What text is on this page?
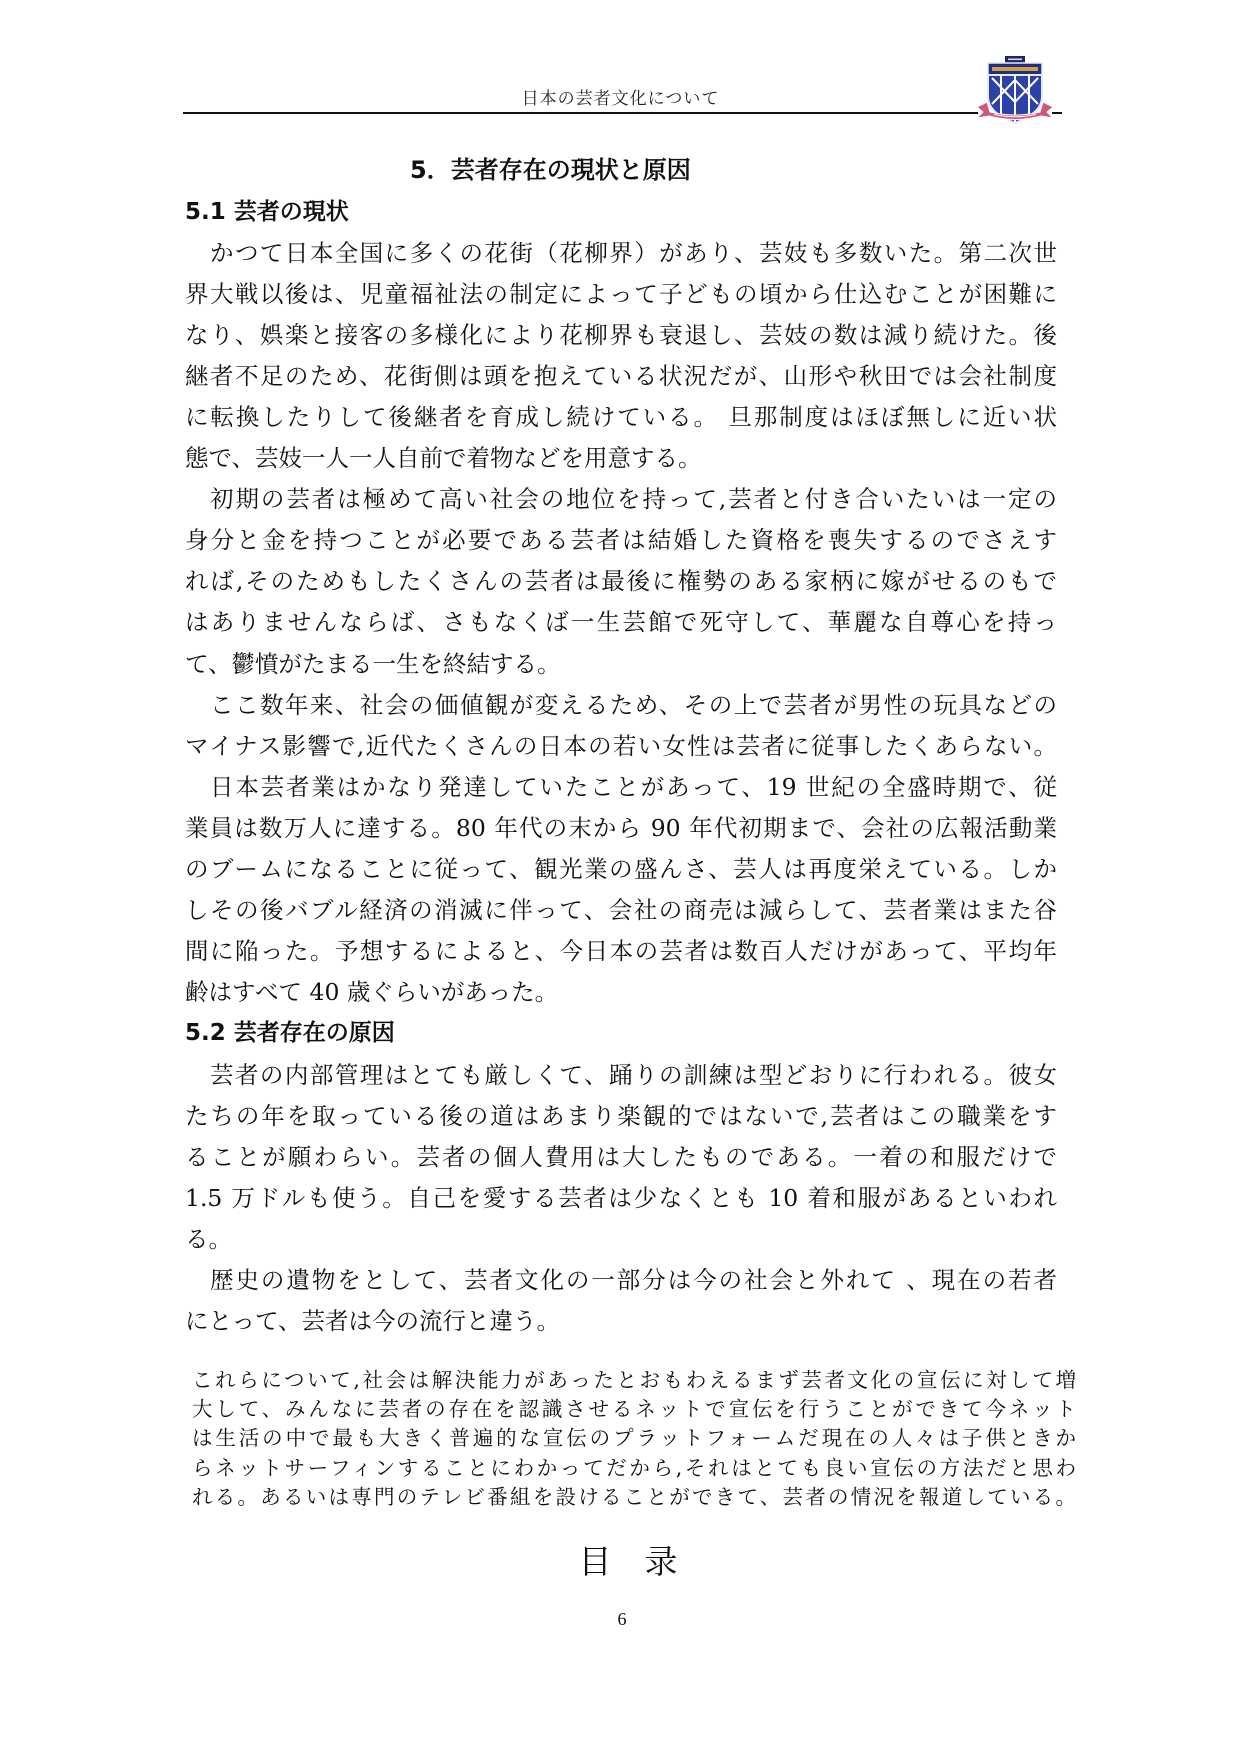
日本の芸者文化について
5．芸者存在の現状と原因
5.1 芸者の現状
かつて日本全国に多くの花街（花柳界）があり、芸妓も多数いた。第二次世
界大戦以後は、児童福祉法の制定によって子どもの頃から仕込むことが困難に
なり、娯楽と接客の多様化により花柳界も衰退し、芸妓の数は減り続けた。後
継者不足のため、花街側は頭を抱えている状況だが、山形や秋田では会社制度
に転換したりして後継者を育成し続けている。 旦那制度はほぼ無しに近い状
態で、芸妓一人一人自前で着物などを用意する。
初期の芸者は極めて高い社会の地位を持って,芸者と付き合いたいは一定の
身分と金を持つことが必要である芸者は結婚した資格を喪失するのでさえす
れば,そのためもしたくさんの芸者は最後に権勢のある家柄に嫁がせるのもで
はありませんならば、さもなくば一生芸館で死守して、華麗な自尊心を持っ
て、鬱憤がたまる一生を終結する。
ここ数年来、社会の価値観が変えるため、その上で芸者が男性の玩具などの
マイナス影響で,近代たくさんの日本の若い女性は芸者に従事したくあらない。
日本芸者業はかなり発達していたことがあって、19 世紀の全盛時期で、従
業員は数万人に達する。80 年代の末から 90 年代初期まで、会社の広報活動業
のブームになることに従って、観光業の盛んさ、芸人は再度栄えている。しか
しその後バブル経済の消滅に伴って、会社の商売は減らして、芸者業はまた谷
間に陥った。予想するによると、今日本の芸者は数百人だけがあって、平均年
齢はすべて 40 歳ぐらいがあった。
5.2 芸者存在の原因
芸者の内部管理はとても厳しくて、踊りの訓練は型どおりに行われる。彼女
たちの年を取っている後の道はあまり楽観的ではないで,芸者はこの職業をす
ることが願わらい。芸者の個人費用は大したものである。一着の和服だけで
1.5 万ドルも使う。自己を愛する芸者は少なくとも 10 着和服があるといわれ
る。
歴史の遺物をとして、芸者文化の一部分は今の社会と外れて 、現在の若者
にとって、芸者は今の流行と違う。
これらについて,社会は解決能力があったとおもわえるまず芸者文化の宣伝に対して増
大して、みんなに芸者の存在を認識させるネットで宣伝を行うことができて今ネット
は生活の中で最も大きく普遍的な宣伝のプラットフォームだ現在の人々は子供ときか
らネットサーフィンすることにわかってだから,それはとても良い宣伝の方法だと思わ
れる。あるいは専門のテレビ番組を設けることができて、芸者の情況を報道している。
目　录
6
